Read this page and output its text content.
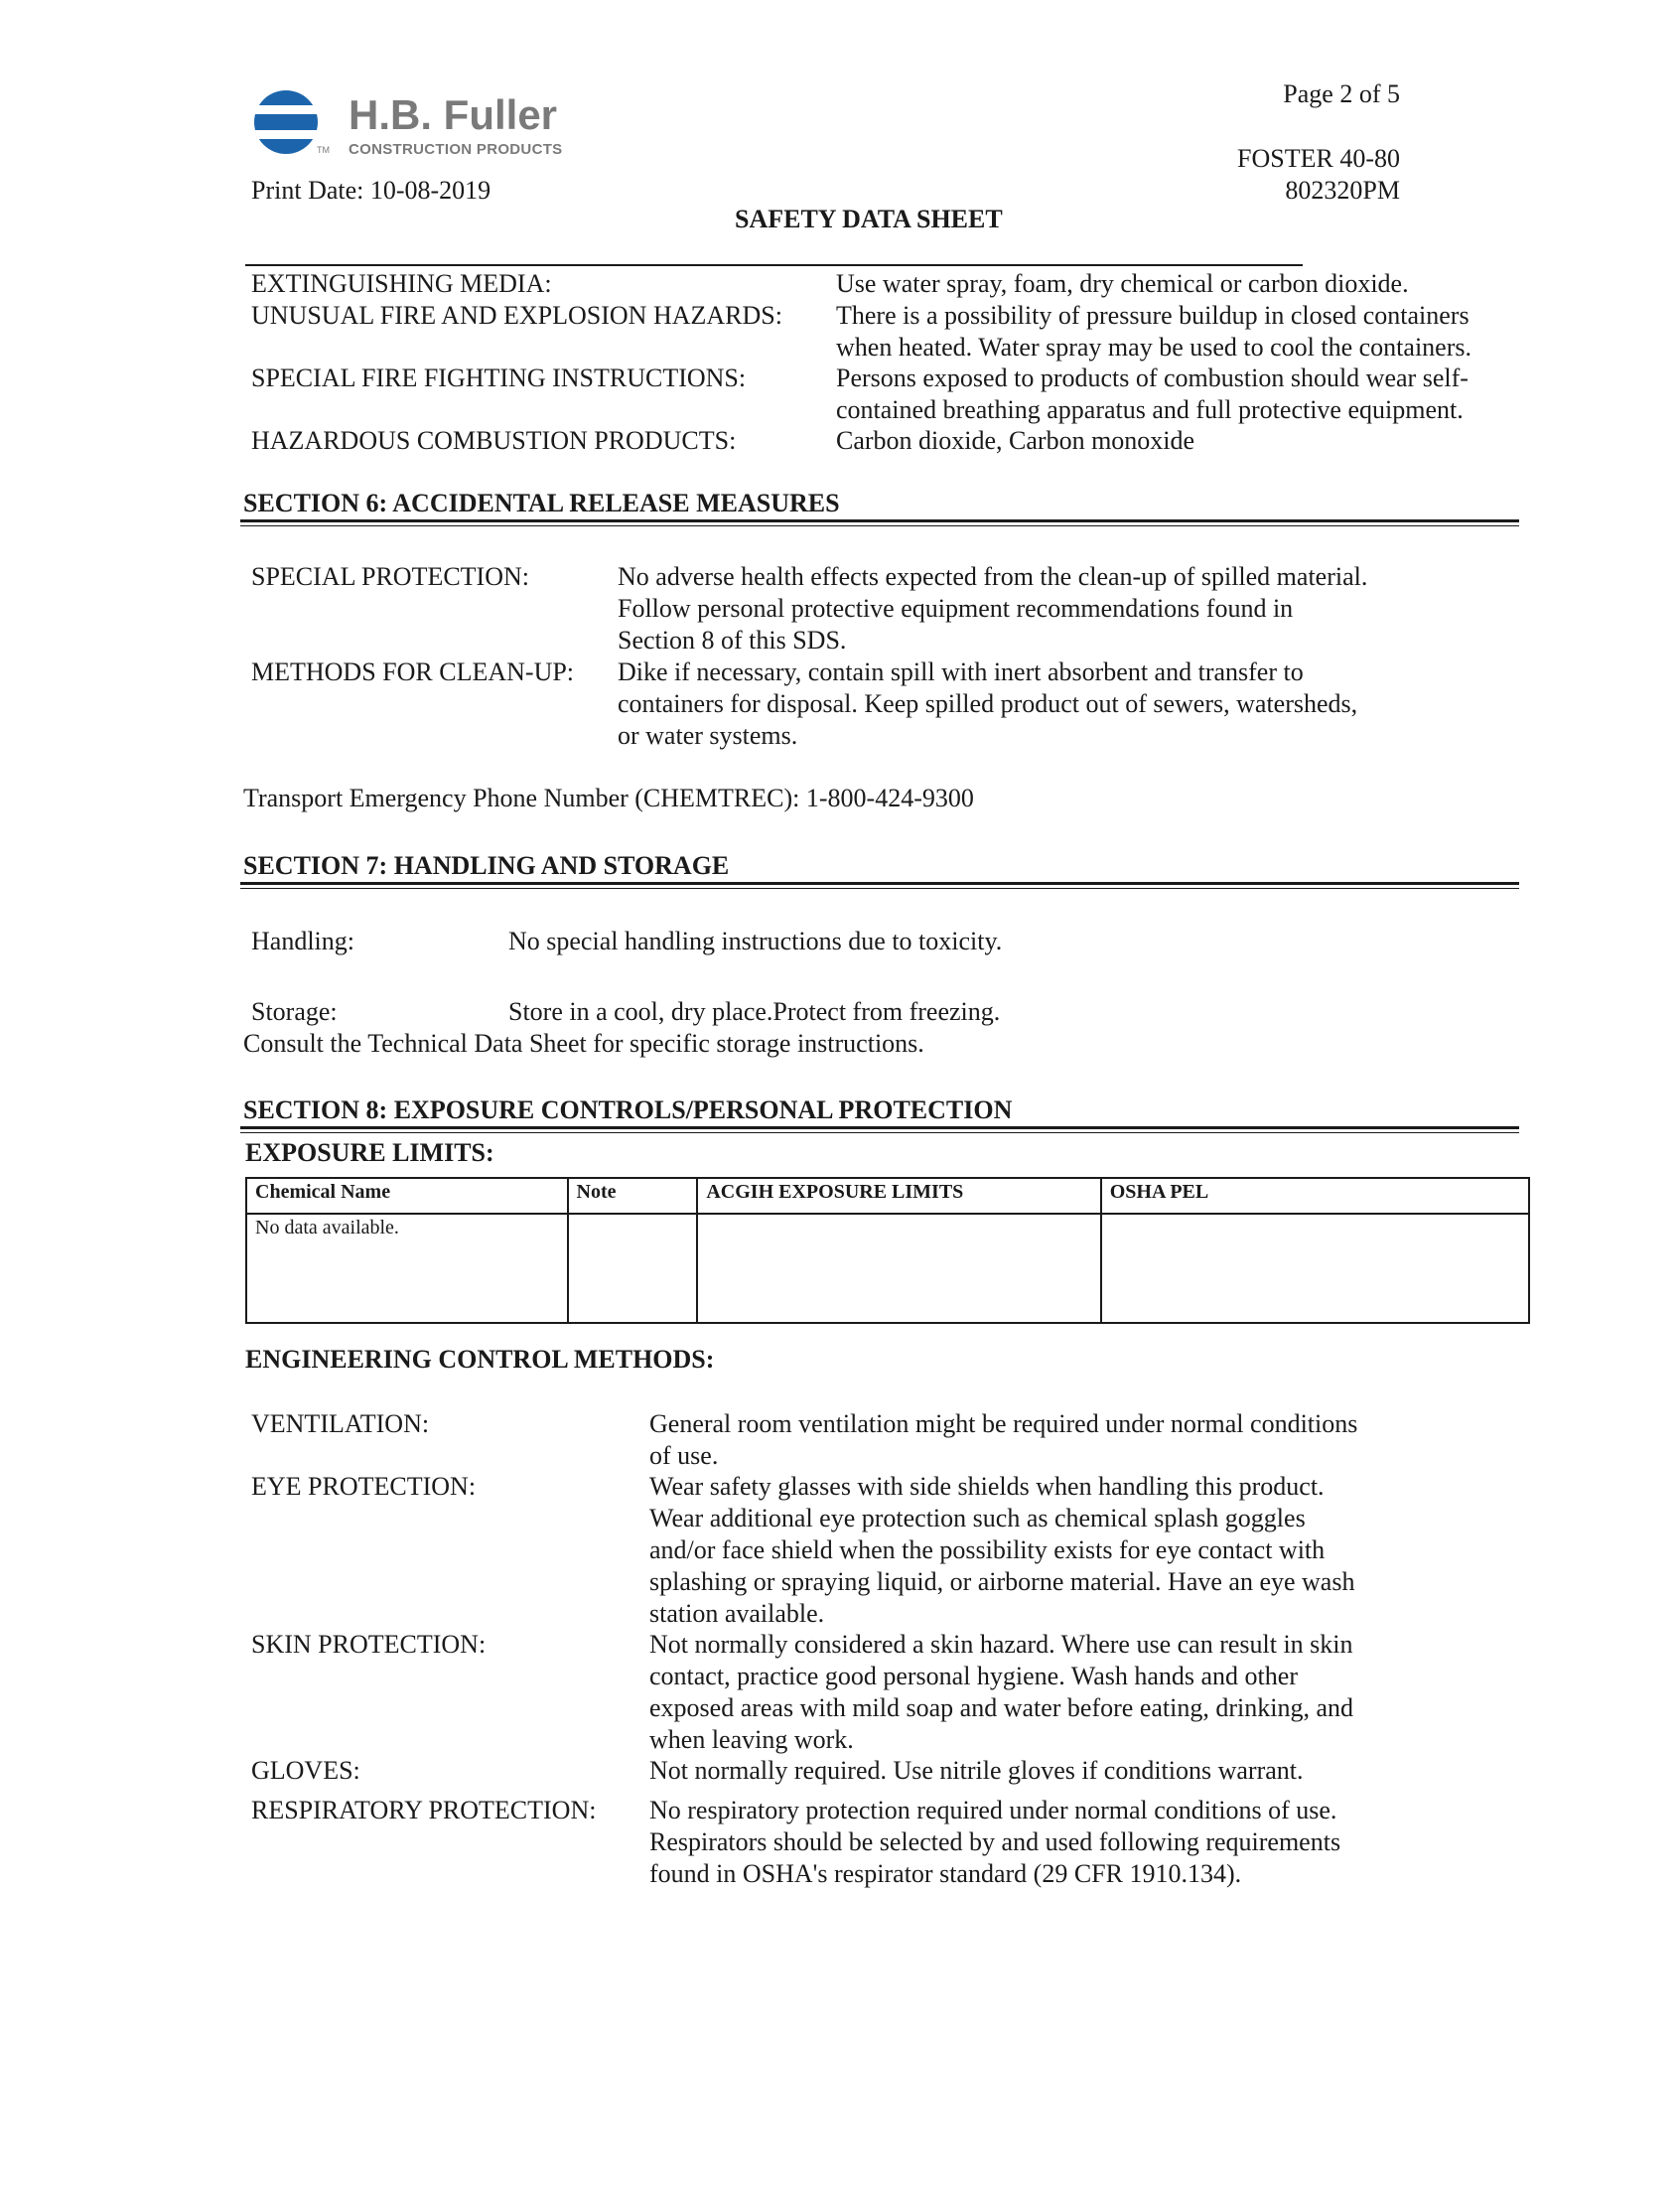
H.B. Fuller
TM CONSTRUCTION PRODUCTS
Page 2 of 5
FOSTER 40-80
802320PM
Print Date: 10-08-2019
SAFETY DATA SHEET
EXTINGUISHING MEDIA:	Use water spray, foam, dry chemical or carbon dioxide.
UNUSUAL FIRE AND EXPLOSION HAZARDS: There is a possibility of pressure buildup in closed containers
when heated. Water spray may be used to cool the containers.
SPECIAL FIRE FIGHTING INSTRUCTIONS:	Persons exposed to products of combustion should wear self-
contained breathing apparatus and full protective equipment.
HAZARDOUS COMBUSTION PRODUCTS:	Carbon dioxide, Carbon monoxide
SECTION 6: ACCIDENTAL RELEASE MEASURES
SPECIAL PROTECTION:	No adverse health effects expected from the clean-up of spilled material.
Follow personal protective equipment recommendations found in
Section 8 of this SDS.
METHODS FOR CLEAN-UP: Dike if necessary, contain spill with inert absorbent and transfer to
containers for disposal. Keep spilled product out of sewers, watersheds,
or water systems.
Transport Emergency Phone Number (CHEMTREC): 1-800-424-9300
SECTION 7: HANDLING AND STORAGE
Handling:	No special handling instructions due to toxicity.
Storage:	Store in a cool, dry place.Protect from freezing.
Consult the Technical Data Sheet for specific storage instructions.
SECTION 8: EXPOSURE CONTROLS/PERSONAL PROTECTION
EXPOSURE LIMITS:
Chemical Name	Note	ACGIH EXPOSURE LIMITS	OSHA PEL
No data available.			
ENGINEERING CONTROL METHODS:
VENTILATION:	General room ventilation might be required under normal conditions
of use.
EYE PROTECTION:	Wear safety glasses with side shields when handling this product.
Wear additional eye protection such as chemical splash goggles
and/or face shield when the possibility exists for eye contact with
splashing or spraying liquid, or airborne material. Have an eye wash
station available.
SKIN PROTECTION:	Not normally considered a skin hazard. Where use can result in skin
contact, practice good personal hygiene. Wash hands and other
exposed areas with mild soap and water before eating, drinking, and
when leaving work.
GLOVES:	Not normally required. Use nitrile gloves if conditions warrant.
RESPIRATORY PROTECTION: No respiratory protection required under normal conditions of use.
Respirators should be selected by and used following requirements
found in OSHA's respirator standard (29 CFR 1910.134).
